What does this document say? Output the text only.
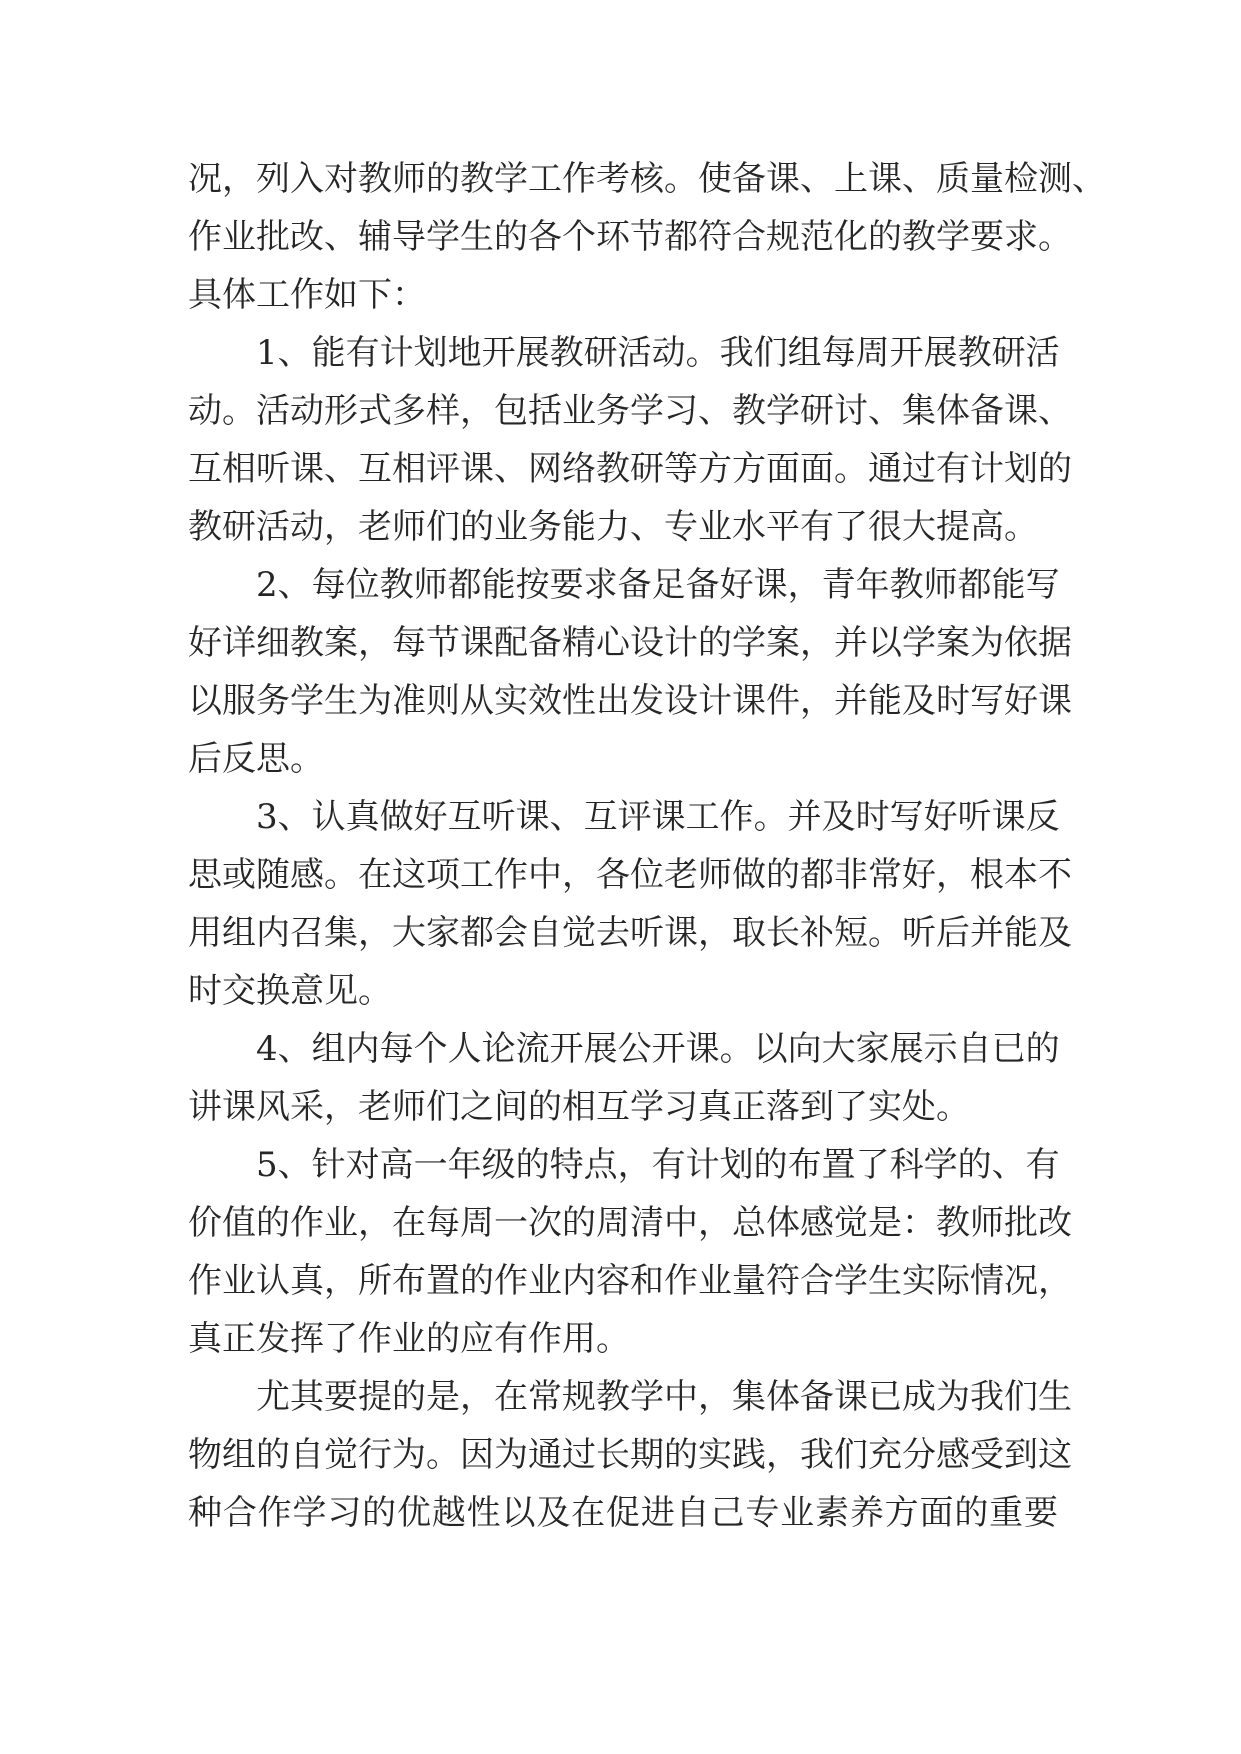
况，列入对教师的教学工作考核。使备课、上课、质量检测、
作业批改、辅导学生的各个环节都符合规范化的教学要求。
具体工作如下：
1、能有计划地开展教研活动。我们组每周开展教研活
动。活动形式多样，包括业务学习、教学研讨、集体备课、
互相听课、互相评课、网络教研等方方面面。通过有计划的
教研活动，老师们的业务能力、专业水平有了很大提高。
2、每位教师都能按要求备足备好课，青年教师都能写
好详细教案，每节课配备精心设计的学案，并以学案为依据
以服务学生为准则从实效性出发设计课件，并能及时写好课
后反思。
3、认真做好互听课、互评课工作。并及时写好听课反
思或随感。在这项工作中，各位老师做的都非常好，根本不
用组内召集，大家都会自觉去听课，取长补短。听后并能及
时交换意见。
4、组内每个人论流开展公开课。以向大家展示自已的
讲课风采，老师们之间的相互学习真正落到了实处。
5、针对高一年级的特点，有计划的布置了科学的、有
价值的作业，在每周一次的周清中，总体感觉是：教师批改
作业认真，所布置的作业内容和作业量符合学生实际情况，
真正发挥了作业的应有作用。
尤其要提的是，在常规教学中，集体备课已成为我们生
物组的自觉行为。因为通过长期的实践，我们充分感受到这
种合作学习的优越性以及在促进自己专业素养方面的重要
